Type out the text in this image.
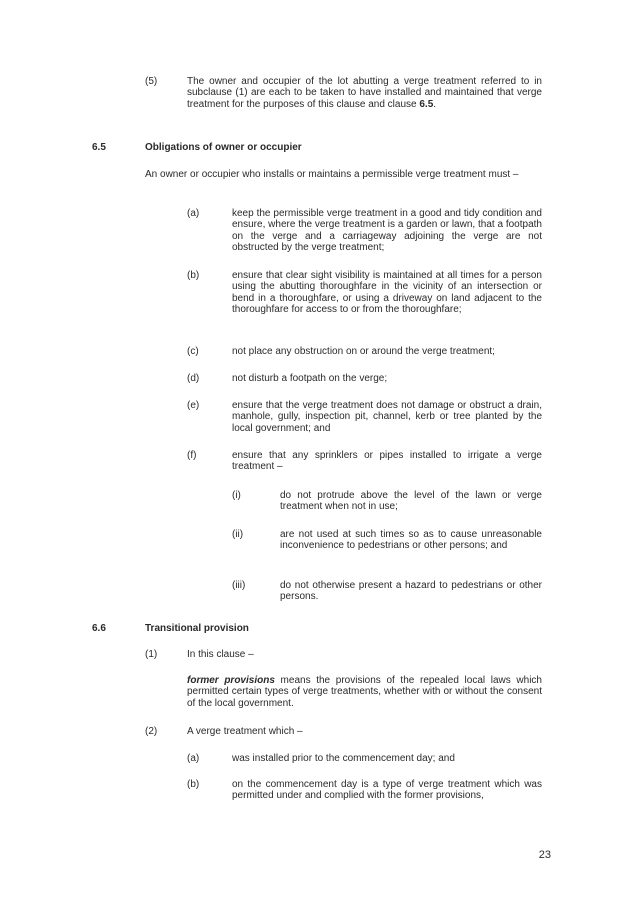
(5)	The owner and occupier of the lot abutting a verge treatment referred to in subclause (1) are each to be taken to have installed and maintained that verge treatment for the purposes of this clause and clause 6.5.

6.5	Obligations of owner or occupier

An owner or occupier who installs or maintains a permissible verge treatment must –

(a)	keep the permissible verge treatment in a good and tidy condition and ensure, where the verge treatment is a garden or lawn, that a footpath on the verge and a carriageway adjoining the verge are not obstructed by the verge treatment;

(b)	ensure that clear sight visibility is maintained at all times for a person using the abutting thoroughfare in the vicinity of an intersection or bend in a thoroughfare, or using a driveway on land adjacent to the thoroughfare for access to or from the thoroughfare;

(c)	not place any obstruction on or around the verge treatment;

(d)	not disturb a footpath on the verge;

(e)	ensure that the verge treatment does not damage or obstruct a drain, manhole, gully, inspection pit, channel, kerb or tree planted by the local government; and

(f)	ensure that any sprinklers or pipes installed to irrigate a verge treatment –

(i)	do not protrude above the level of the lawn or verge treatment when not in use;

(ii)	are not used at such times so as to cause unreasonable inconvenience to pedestrians or other persons; and

(iii)	do not otherwise present a hazard to pedestrians or other persons.

6.6	Transitional provision
(1)	In this clause –

former provisions means the provisions of the repealed local laws which permitted certain types of verge treatments, whether with or without the consent of the local government.

(2)	A verge treatment which –

(a)	was installed prior to the commencement day; and

(b)	on the commencement day is a type of verge treatment which was permitted under and complied with the former provisions,

23
